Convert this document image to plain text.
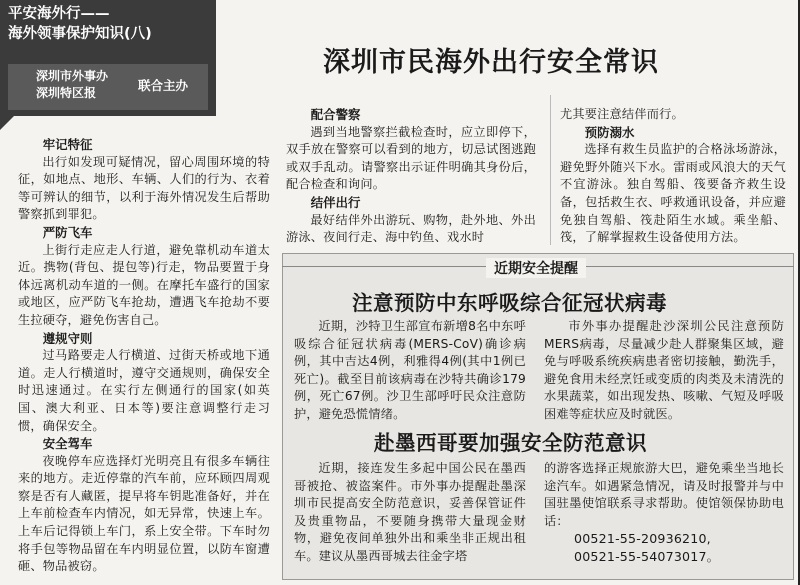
平安海外行——
海外领事保护知识(八)
深圳市外事办
深圳特区报	联合主办
深圳市民海外出行安全常识
牢记特征

出行如发现可疑情况，留心周围环境的特征，如地点、地形、车辆、人们的行为、衣着等可辨认的细节，以利于海外情况发生后帮助警察抓到罪犯。

严防飞车

上街行走应走人行道，避免靠机动车道太近。携物(背包、提包等)行走，物品要置于身体远离机动车道的一侧。在摩托车盛行的国家或地区，应严防飞车抢劫，遭遇飞车抢劫不要生拉硬夺，避免伤害自己。

遵规守则

过马路要走人行横道、过街天桥或地下通道。走人行横道时，遵守交通规则，确保安全时迅速通过。在实行左侧通行的国家(如英国、澳大利亚、日本等)要注意调整行走习惯，确保安全。

安全驾车

夜晚停车应选择灯光明亮且有很多车辆往来的地方。走近停靠的汽车前，应环顾四周观察是否有人藏匿，提早将车钥匙准备好，并在上车前检查车内情况，如无异常，快速上车。上车后记得锁上车门，系上安全带。下车时勿将手包等物品留在车内明显位置，以防车窗遭砸、物品被窃。

配合警察

遇到当地警察拦截检查时，应立即停下，双手放在警察可以看到的地方，切忌试图逃跑或双手乱动。请警察出示证件明确其身份后，配合检查和询问。

结伴出行

最好结伴外出游玩、购物，赴外地、外出游泳、夜间行走、海中钓鱼、戏水时

尤其要注意结伴而行。

预防溺水

选择有救生员监护的合格泳场游泳，避免野外随兴下水。雷雨或风浪大的天气不宜游泳。独自驾船、筏要备齐救生设备，包括救生衣、呼救通讯设备，并应避免独自驾船、筏赴陌生水域。乘坐船、筏，了解掌握救生设备使用方法。

近期安全提醒
注意预防中东呼吸综合征冠状病毒

近期，沙特卫生部宣布新增8名中东呼吸综合征冠状病毒(MERS-CoV)确诊病例，其中吉达4例，利雅得4例(其中1例已死亡)。截至目前该病毒在沙特共确诊179例，死亡67例。沙卫生部呼吁民众注意防护，避免恐慌情绪。

市外事办提醒赴沙深圳公民注意预防MERS病毒，尽量减少赴人群聚集区域，避免与呼吸系统疾病患者密切接触，勤洗手，避免食用未经烹饪或变质的肉类及未清洗的水果蔬菜，如出现发热、咳嗽、气短及呼吸困难等症状应及时就医。

赴墨西哥要加强安全防范意识

近期，接连发生多起中国公民在墨西哥被抢、被盗案件。市外事办提醒赴墨深圳市民提高安全防范意识，妥善保管证件及贵重物品，不要随身携带大量现金财物，避免夜间单独外出和乘坐非正规出租车。建议从墨西哥城去往金字塔

的游客选择正规旅游大巴，避免乘坐当地长途汽车。如遇紧急情况，请及时报警并与中国驻墨使馆联系寻求帮助。使馆领保协助电话：

00521-55-20936210,

00521-55-54073017。
